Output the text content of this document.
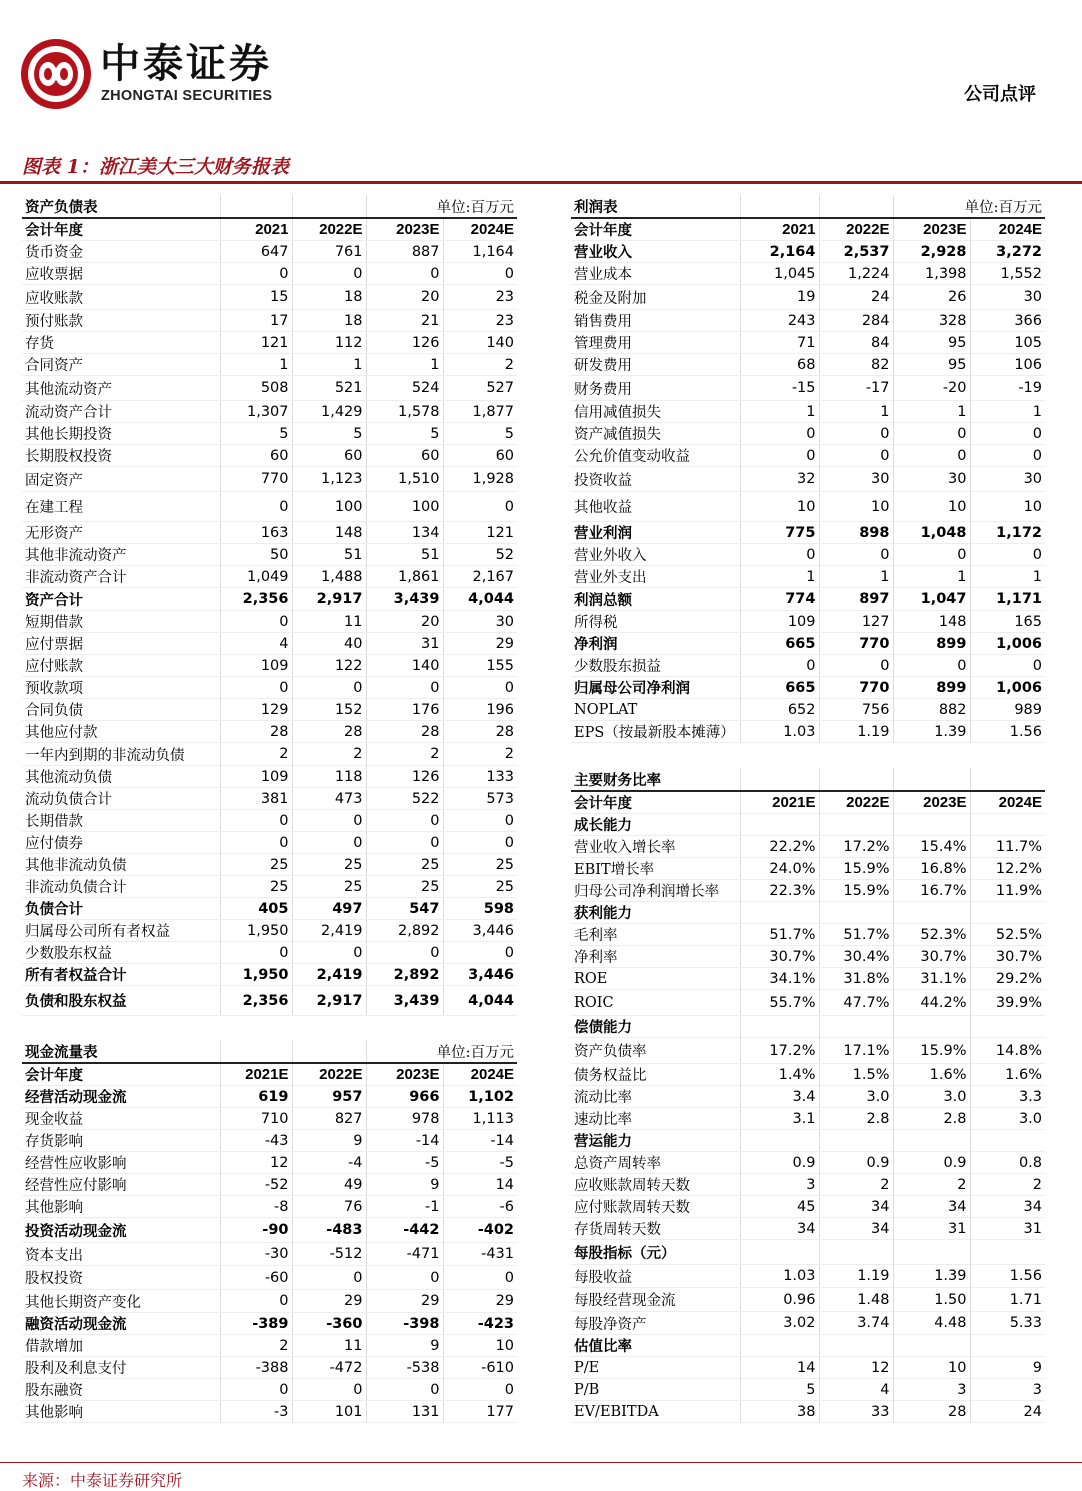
中泰证券
ZHONGTAI SECURITIES	公司点评
图表 1：浙江美大三大财务报表
资产负债表			单位:百万元	
会计年度	2021	2022E	2023E	2024E
货币资金	647	761	887	1,164
应收票据	0	0	0	0
应收账款	15	18	20	23
预付账款	17	18	21	23
存货	121	112	126	140
合同资产	1	1	1	2
其他流动资产	508	521	524	527
流动资产合计	1,307	1,429	1,578	1,877
其他长期投资	5	5	5	5
长期股权投资	60	60	60	60
固定资产	770	1,123	1,510	1,928
在建工程	0	100	100	0
无形资产	163	148	134	121
其他非流动资产	50	51	51	52
非流动资产合计	1,049	1,488	1,861	2,167
资产合计	2,356	2,917	3,439	4,044
短期借款	0	11	20	30
应付票据	4	40	31	29
应付账款	109	122	140	155
预收款项	0	0	0	0
合同负债	129	152	176	196
其他应付款	28	28	28	28
一年内到期的非流动负债	2	2	2	2
其他流动负债	109	118	126	133
流动负债合计	381	473	522	573
长期借款	0	0	0	0
应付债券	0	0	0	0
其他非流动负债	25	25	25	25
非流动负债合计	25	25	25	25
负债合计	405	497	547	598
归属母公司所有者权益	1,950	2,419	2,892	3,446
少数股东权益	0	0	0	0
所有者权益合计	1,950	2,419	2,892	3,446
负债和股东权益	2,356	2,917	3,439	4,044
现金流量表			单位:百万元	
会计年度	2021E	2022E	2023E	2024E
经营活动现金流	619	957	966	1,102
现金收益	710	827	978	1,113
存货影响	-43	9	-14	-14
经营性应收影响	12	-4	-5	-5
经营性应付影响	-52	49	9	14
其他影响	-8	76	-1	-6
投资活动现金流	-90	-483	-442	-402
资本支出	-30	-512	-471	-431
股权投资	-60	0	0	0
其他长期资产变化	0	29	29	29
融资活动现金流	-389	-360	-398	-423
借款增加	2	11	9	10
股利及利息支付	-388	-472	-538	-610
股东融资	0	0	0	0
其他影响	-3	101	131	177
利润表			单位:百万元	
会计年度	2021	2022E	2023E	2024E
营业收入	2,164	2,537	2,928	3,272
营业成本	1,045	1,224	1,398	1,552
税金及附加	19	24	26	30
销售费用	243	284	328	366
管理费用	71	84	95	105
研发费用	68	82	95	106
财务费用	-15	-17	-20	-19
信用减值损失	1	1	1	1
资产减值损失	0	0	0	0
公允价值变动收益	0	0	0	0
投资收益	32	30	30	30
其他收益	10	10	10	10
营业利润	775	898	1,048	1,172
营业外收入	0	0	0	0
营业外支出	1	1	1	1
利润总额	774	897	1,047	1,171
所得税	109	127	148	165
净利润	665	770	899	1,006
少数股东损益	0	0	0	0
归属母公司净利润	665	770	899	1,006
NOPLAT	652	756	882	989
EPS（按最新股本摊薄）	1.03	1.19	1.39	1.56
主要财务比率				
会计年度	2021E	2022E	2023E	2024E
成长能力				
营业收入增长率	22.2%	17.2%	15.4%	11.7%
EBIT增长率	24.0%	15.9%	16.8%	12.2%
归母公司净利润增长率	22.3%	15.9%	16.7%	11.9%
获利能力				
毛利率	51.7%	51.7%	52.3%	52.5%
净利率	30.7%	30.4%	30.7%	30.7%
ROE	34.1%	31.8%	31.1%	29.2%
ROIC	55.7%	47.7%	44.2%	39.9%
偿债能力				
资产负债率	17.2%	17.1%	15.9%	14.8%
债务权益比	1.4%	1.5%	1.6%	1.6%
流动比率	3.4	3.0	3.0	3.3
速动比率	3.1	2.8	2.8	3.0
营运能力				
总资产周转率	0.9	0.9	0.9	0.8
应收账款周转天数	3	2	2	2
应付账款周转天数	45	34	34	34
存货周转天数	34	34	31	31
每股指标（元）				
每股收益	1.03	1.19	1.39	1.56
每股经营现金流	0.96	1.48	1.50	1.71
每股净资产	3.02	3.74	4.48	5.33
估值比率				
P/E	14	12	10	9
P/B	5	4	3	3
EV/EBITDA	38	33	28	24
来源：中泰证券研究所
